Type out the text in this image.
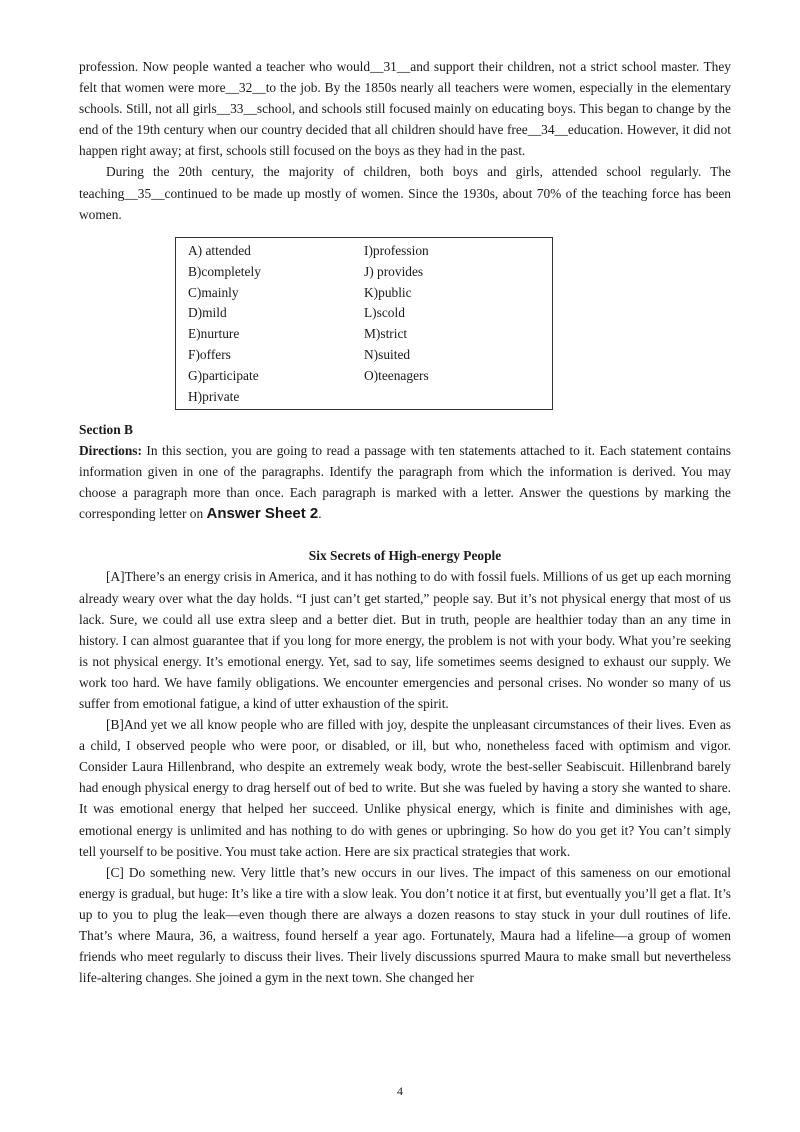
profession. Now people wanted a teacher who would__31__and support their children, not a strict school master. They felt that women were more__32__to the job. By the 1850s nearly all teachers were women, especially in the elementary schools. Still, not all girls__33__school, and schools still focused mainly on educating boys. This began to change by the end of the 19th century when our country decided that all children should have free__34__education. However, it did not happen right away; at first, schools still focused on the boys as they had in the past.

During the 20th century, the majority of children, both boys and girls, attended school regularly. The teaching__35__continued to be made up mostly of women. Since the 1930s, about 70% of the teaching force has been women.

A) attended	I)profession
B)completely	J) provides
C)mainly	K)public
D)mild	L)scold
E)nurture	M)strict
F)offers	N)suited
G)participate	O)teenagers
H)private

Section B

Directions: In this section, you are going to read a passage with ten statements attached to it. Each statement contains information given in one of the paragraphs. Identify the paragraph from which the information is derived. You may choose a paragraph more than once. Each paragraph is marked with a letter. Answer the questions by marking the corresponding letter on Answer Sheet 2.

Six Secrets of High-energy People

[A]There’s an energy crisis in America, and it has nothing to do with fossil fuels. Millions of us get up each morning already weary over what the day holds. “I just can’t get started,” people say. But it’s not physical energy that most of us lack. Sure, we could all use extra sleep and a better diet. But in truth, people are healthier today than an any time in history. I can almost guarantee that if you long for more energy, the problem is not with your body. What you’re seeking is not physical energy. It’s emotional energy. Yet, sad to say, life sometimes seems designed to exhaust our supply. We work too hard. We have family obligations. We encounter emergencies and personal crises. No wonder so many of us suffer from emotional fatigue, a kind of utter exhaustion of the spirit.

[B]And yet we all know people who are filled with joy, despite the unpleasant circumstances of their lives. Even as a child, I observed people who were poor, or disabled, or ill, but who, nonetheless faced with optimism and vigor. Consider Laura Hillenbrand, who despite an extremely weak body, wrote the best-seller Seabiscuit. Hillenbrand barely had enough physical energy to drag herself out of bed to write. But she was fueled by having a story she wanted to share. It was emotional energy that helped her succeed. Unlike physical energy, which is finite and diminishes with age, emotional energy is unlimited and has nothing to do with genes or upbringing. So how do you get it? You can’t simply tell yourself to be positive. You must take action. Here are six practical strategies that work.

[C] Do something new. Very little that’s new occurs in our lives. The impact of this sameness on our emotional energy is gradual, but huge: It’s like a tire with a slow leak. You don’t notice it at first, but eventually you’ll get a flat. It’s up to you to plug the leak—even though there are always a dozen reasons to stay stuck in your dull routines of life. That’s where Maura, 36, a waitress, found herself a year ago. Fortunately, Maura had a lifeline—a group of women friends who meet regularly to discuss their lives. Their lively discussions spurred Maura to make small but nevertheless life-altering changes. She joined a gym in the next town. She changed her

4
